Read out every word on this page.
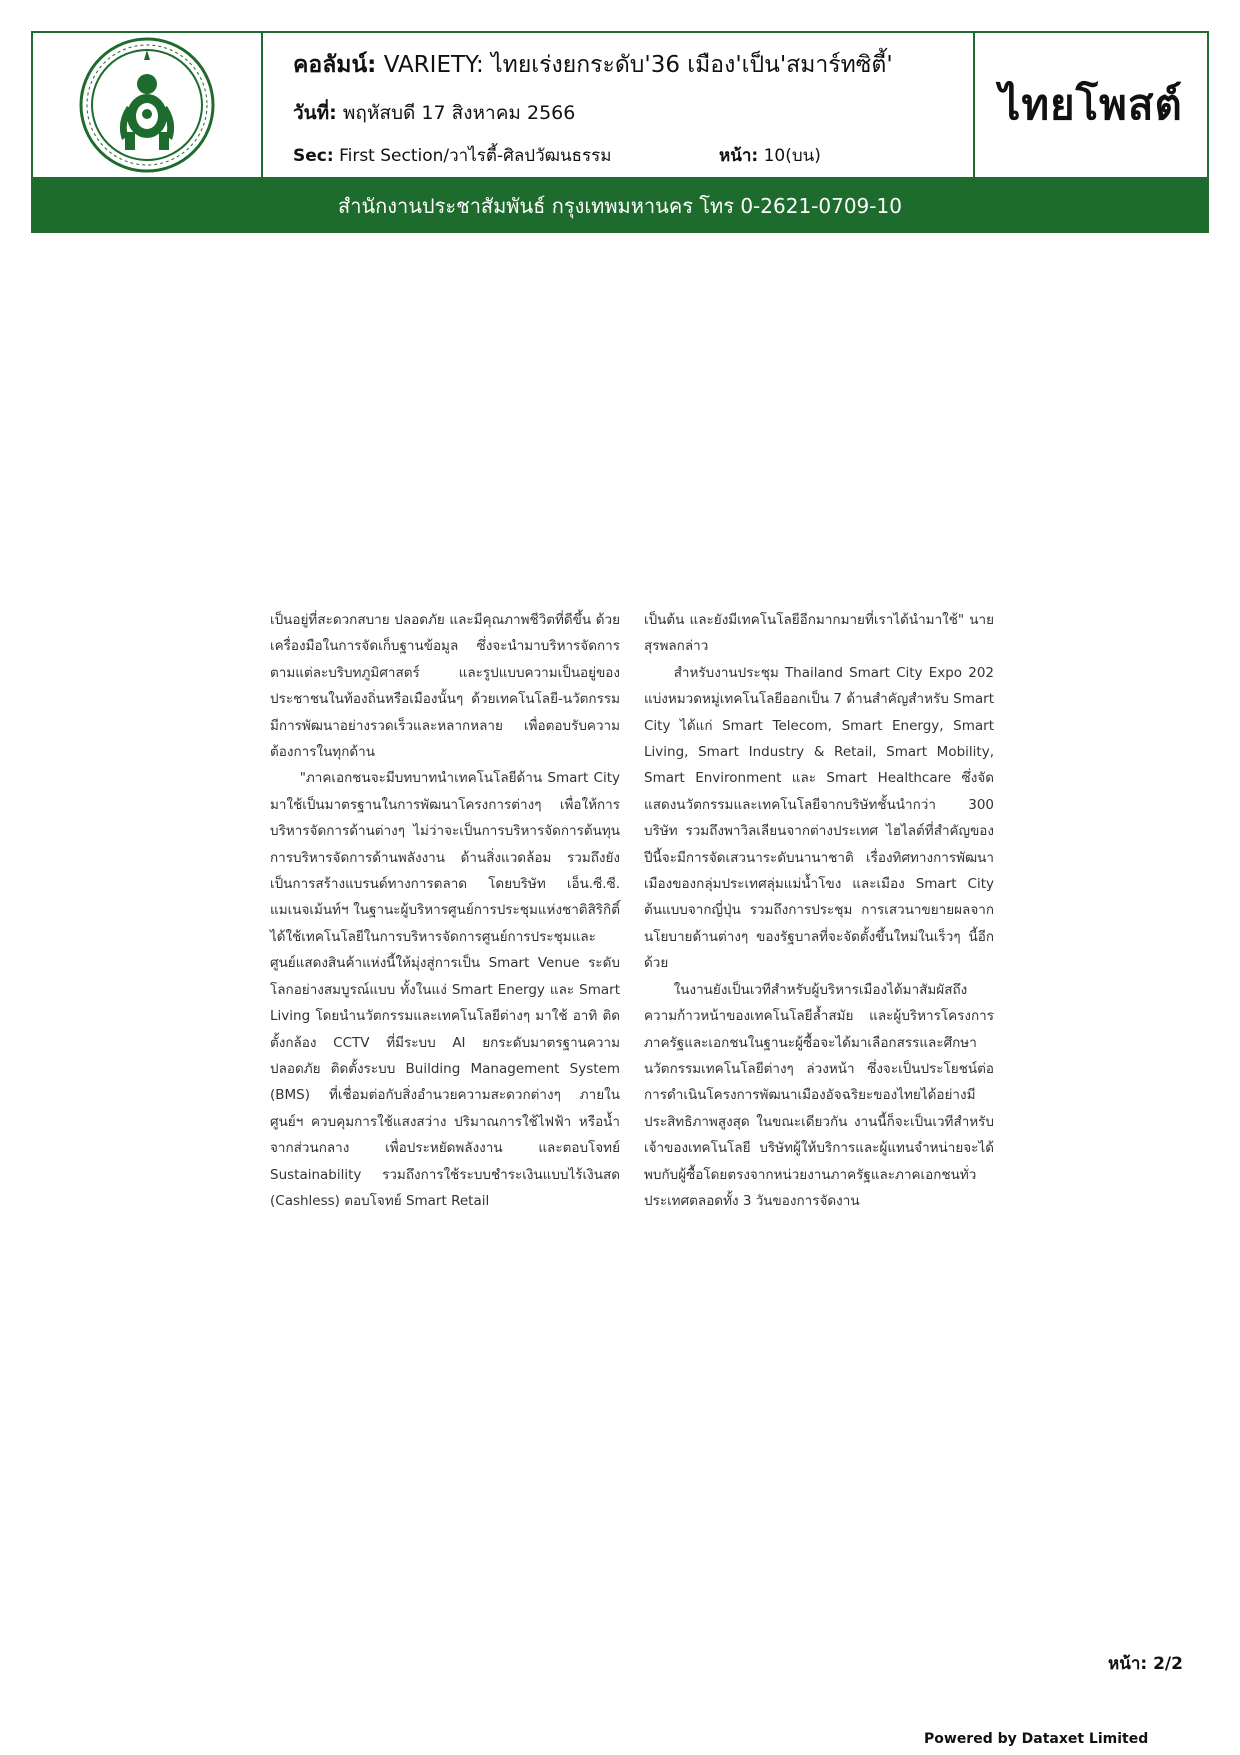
คอลัมน์: VARIETY: ไทยเร่งยกระดับ'36 เมือง'เป็น'สมาร์ทซิตี้'
วันที่: พฤหัสบดี 17 สิงหาคม 2566
Sec: First Section/วาไรตี้-ศิลปวัฒนธรรม	หน้า: 10(บน)
ไทยโพสต์
สำนักงานประชาสัมพันธ์ กรุงเทพมหานคร โทร 0-2621-0709-10

เป็นอยู่ที่สะดวกสบาย ปลอดภัย และมีคุณภาพชีวิตที่ดีขึ้น ด้วยเครื่องมือในการจัดเก็บฐานข้อมูล ซึ่งจะนำมาบริหารจัดการตามแต่ละบริบทภูมิศาสตร์ และรูปแบบความเป็นอยู่ของประชาชนในท้องถิ่นหรือเมืองนั้นๆ ด้วยเทคโนโลยี-นวัตกรรม มีการพัฒนาอย่างรวดเร็วและหลากหลาย เพื่อตอบรับความต้องการในทุกด้าน

"ภาคเอกชนจะมีบทบาทนำเทคโนโลยีด้าน Smart City มาใช้เป็นมาตรฐานในการพัฒนาโครงการต่างๆ เพื่อให้การบริหารจัดการด้านต่างๆ ไม่ว่าจะเป็นการบริหารจัดการต้นทุน การบริหารจัดการด้านพลังงาน ด้านสิ่งแวดล้อม รวมถึงยังเป็นการสร้างแบรนด์ทางการตลาด โดยบริษัท เอ็น.ซี.ซี. แมเนจเม้นท์ฯ ในฐานะผู้บริหารศูนย์การประชุมแห่งชาติสิริกิติ์ ได้ใช้เทคโนโลยีในการบริหารจัดการศูนย์การประชุมและศูนย์แสดงสินค้าแห่งนี้ให้มุ่งสู่การเป็น Smart Venue ระดับโลกอย่างสมบูรณ์แบบ ทั้งในแง่ Smart Energy และ Smart Living โดยนำนวัตกรรมและเทคโนโลยีต่างๆ มาใช้ อาทิ ติดตั้งกล้อง CCTV ที่มีระบบ AI ยกระดับมาตรฐานความปลอดภัย ติดตั้งระบบ Building Management System (BMS) ที่เชื่อมต่อกับสิ่งอำนวยความสะดวกต่างๆ ภายในศูนย์ฯ ควบคุมการใช้แสงสว่าง ปริมาณการใช้ไฟฟ้า หรือน้ำจากส่วนกลาง เพื่อประหยัดพลังงาน และตอบโจทย์ Sustainability รวมถึงการใช้ระบบชำระเงินแบบไร้เงินสด (Cashless) ตอบโจทย์ Smart Retail

เป็นต้น และยังมีเทคโนโลยีอีกมากมายที่เราได้นำมาใช้" นายสุรพลกล่าว

สำหรับงานประชุม Thailand Smart City Expo 202 แบ่งหมวดหมู่เทคโนโลยีออกเป็น 7 ด้านสำคัญสำหรับ Smart City ได้แก่ Smart Telecom, Smart Energy, Smart Living, Smart Industry & Retail, Smart Mobility, Smart Environment และ Smart Healthcare ซึ่งจัดแสดงนวัตกรรมและเทคโนโลยีจากบริษัทชั้นนำกว่า 300 บริษัท รวมถึงพาวิลเลียนจากต่างประเทศ ไฮไลต์ที่สำคัญของปีนี้จะมีการจัดเสวนาระดับนานาชาติ เรื่องทิศทางการพัฒนาเมืองของกลุ่มประเทศลุ่มแม่น้ำโขง และเมือง Smart City ต้นแบบจากญี่ปุ่น รวมถึงการประชุม การเสวนาขยายผลจากนโยบายด้านต่างๆ ของรัฐบาลที่จะจัดตั้งขึ้นใหม่ในเร็วๆ นี้อีกด้วย

ในงานยังเป็นเวทีสำหรับผู้บริหารเมืองได้มาสัมผัสถึงความก้าวหน้าของเทคโนโลยีล้ำสมัย และผู้บริหารโครงการภาครัฐและเอกชนในฐานะผู้ซื้อจะได้มาเลือกสรรและศึกษานวัตกรรมเทคโนโลยีต่างๆ ล่วงหน้า ซึ่งจะเป็นประโยชน์ต่อการดำเนินโครงการพัฒนาเมืองอัจฉริยะของไทยได้อย่างมีประสิทธิภาพสูงสุด ในขณะเดียวกัน งานนี้ก็จะเป็นเวทีสำหรับเจ้าของเทคโนโลยี บริษัทผู้ให้บริการและผู้แทนจำหน่ายจะได้พบกับผู้ซื้อโดยตรงจากหน่วยงานภาครัฐและภาคเอกชนทั่วประเทศตลอดทั้ง 3 วันของการจัดงาน

หน้า: 2/2
Powered by Dataxet Limited
